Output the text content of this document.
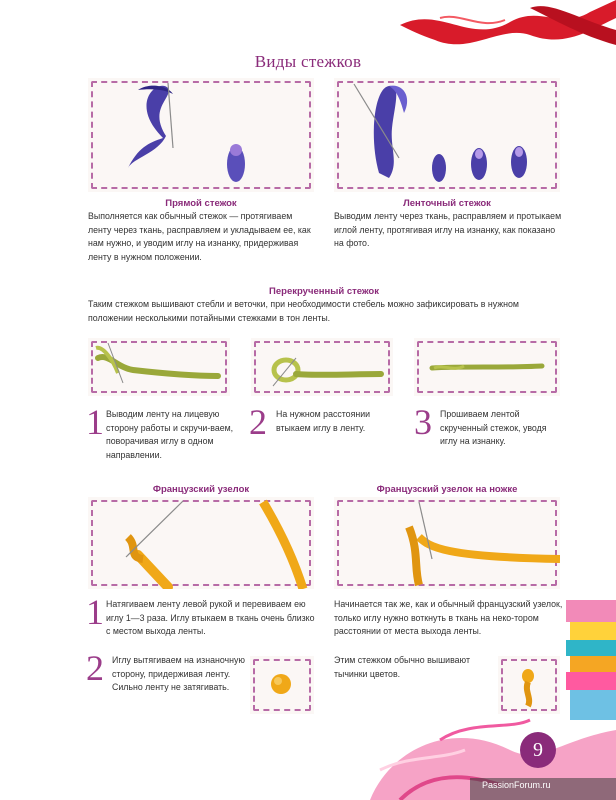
Виды стежков
Прямой стежок
Выполняется как обычный стежок — протягиваем ленту через ткань, расправляем и укладываем ее, как нам нужно, и уводим иглу на изнанку, придерживая ленту в нужном положении.
Ленточный стежок
Выводим ленту через ткань, расправляем и протыкаем иглой ленту, протягивая иглу на изнанку, как показано на фото.
Перекрученный стежок
Таким стежком вышивают стебли и веточки, при необходимости стебель можно зафиксировать в нужном положении несколькими потайными стежками в тон ленты.
1 Выводим ленту на лицевую сторону работы и скручи-ваем, поворачивая иглу в одном направлении.
2 На нужном расстоянии втыкаем иглу в ленту.	3 Прошиваем лентой скрученный стежок, уводя иглу на изнанку.
Французский узелок
1 Натягиваем ленту левой рукой и перевиваем ею иглу 1—3 раза. Иглу втыкаем в ткань очень близко с местом выхода ленты.
2 Иглу вытягиваем на изнаночную сторону, придерживая ленту. Сильно ленту не затягивать.
Французский узелок на ножке
Начинается так же, как и обычный французский узелок, только иглу нужно воткнуть в ткань на неко-тором расстоянии от места выхода ленты.
Этим стежком обычно вышивают тычинки цветов.
9
PassionForum.ru
